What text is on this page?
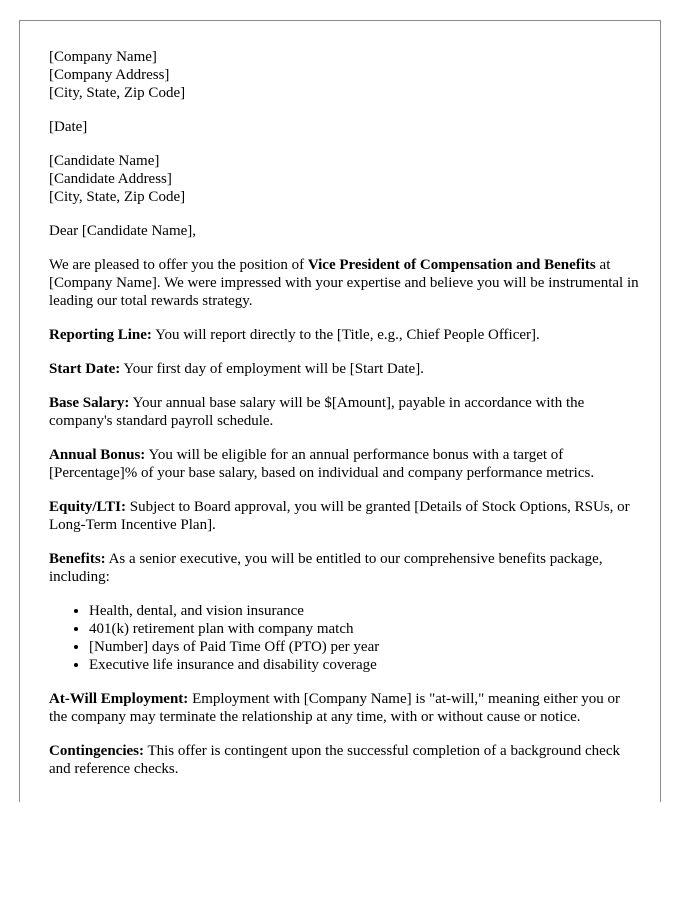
[Company Name]
[Company Address]
[City, State, Zip Code]

[Date]

[Candidate Name]
[Candidate Address]
[City, State, Zip Code]

Dear [Candidate Name],

We are pleased to offer you the position of Vice President of Compensation and Benefits at [Company Name]. We were impressed with your expertise and believe you will be instrumental in leading our total rewards strategy.

Reporting Line: You will report directly to the [Title, e.g., Chief People Officer].

Start Date: Your first day of employment will be [Start Date].

Base Salary: Your annual base salary will be $[Amount], payable in accordance with the company's standard payroll schedule.

Annual Bonus: You will be eligible for an annual performance bonus with a target of [Percentage]% of your base salary, based on individual and company performance metrics.

Equity/LTI: Subject to Board approval, you will be granted [Details of Stock Options, RSUs, or Long-Term Incentive Plan].

Benefits: As a senior executive, you will be entitled to our comprehensive benefits package, including:

• Health, dental, and vision insurance
• 401(k) retirement plan with company match
• [Number] days of Paid Time Off (PTO) per year
• Executive life insurance and disability coverage

At-Will Employment: Employment with [Company Name] is "at-will," meaning either you or the company may terminate the relationship at any time, with or without cause or notice.

Contingencies: This offer is contingent upon the successful completion of a background check and reference checks.
